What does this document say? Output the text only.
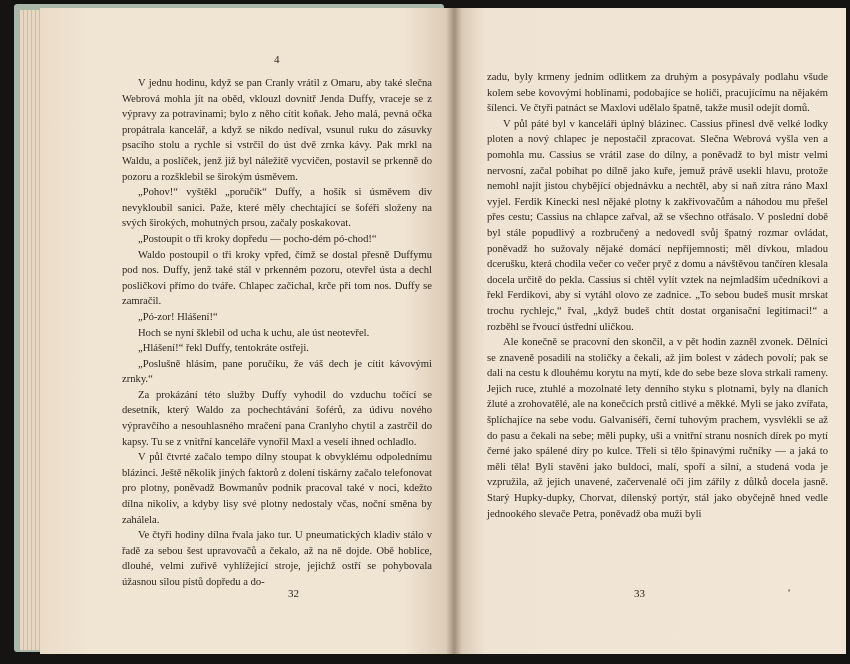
4

V jednu hodinu, když se pan Cranly vrátil z Omaru, aby také slečna Webrová mohla jít na oběd, vklouzl dovnitř Jenda Duffy, vraceje se z výpravy za potravinami; bylo z něho cítit koňak. Jeho malá, pevná očka propátrala kancelář, a když se nikdo nedíval, vsunul ruku do zásuvky psacího stolu a rychle si vstrčil do úst dvě zrnka kávy. Pak mrkl na Waldu, a poslíček, jenž již byl náležitě vycvičen, postavil se prkenně do pozoru a rozšklebil se širokým úsměvem.

„Pohov!“ vyštěkl „poručík“ Duffy, a hošík si úsměvem div nevykloubil sanici. Paže, které měly chechtající se šoféři složeny na svých širokých, mohutných prsou, začaly poskakovat.

„Postoupit o tři kroky dopředu — pocho-dém pó-chod!“

Waldo postoupil o tři kroky vpřed, čímž se dostal přesně Duffymu pod nos. Duffy, jenž také stál v prkenném pozoru, otevřel ústa a dechl posličkovi přímo do tváře. Chlapec začichal, krče při tom nos. Duffy se zamračil.

„Pó-zor! Hlášení!“

Hoch se nyní šklebil od ucha k uchu, ale úst neotevřel.

„Hlášení!“ řekl Duffy, tentokráte ostřeji.

„Poslušně hlásím, pane poručíku, že váš dech je cítit kávovými zrnky.“

Za prokázání této služby Duffy vyhodil do vzduchu točící se desetník, který Waldo za pochechtávání šoférů, za údivu nového výpravčího a nesouhlasného mračení pana Cranlyho chytil a zastrčil do kapsy. Tu se z vnitřní kanceláře vynořil Maxl a veselí ihned ochladlo.

V půl čtvrté začalo tempo dílny stoupat k obvyklému odpolednímu blázinci. Ještě několik jiných faktorů z dolení tiskárny začalo telefonovat pro plotny, poněvadž Bowmanův podnik pracoval také v noci, kdežto dílna nikoliv, a kdyby lisy své plotny nedostaly včas, noční směna by zahálela.

Ve čtyři hodiny dílna řvala jako tur. U pneumatických kladiv stálo v řadě za sebou šest upravovačů a čekalo, až na ně dojde. Obě hoblice, dlouhé, velmi zuřivě vyhlížející stroje, jejichž ostří se pohybovala úžasnou silou pístů dopředu a do-

32

zadu, byly krmeny jedním odlitkem za druhým a posypávaly podlahu všude kolem sebe kovovými hoblinami, podobajíce se holiči, pracujícímu na nějakém šílenci. Ve čtyři patnáct se Maxlovi udělalo špatně, takže musil odejít domů.

V půl páté byl v kanceláři úplný blázinec. Cassius přinesl dvě velké lodky ploten a nový chlapec je nepostačil zpracovat. Slečna Webrová vyšla ven a pomohla mu. Cassius se vrátil zase do dílny, a poněvadž to byl mistr velmi nervosní, začal pobíhat po dílně jako kuře, jemuž právě usekli hlavu, protože nemohl najít jistou chybějící objednávku a nechtěl, aby si naň zítra ráno Maxl vyjel. Ferdik Kinecki nesl nějaké plotny k zakřivovačům a náhodou mu přešel přes cestu; Cassius na chlapce zařval, až se všechno otřásalo. V poslední době byl stále popudlivý a rozbručený a nedovedl svůj špatný rozmar ovládat, poněvadž ho sužovaly nějaké domácí nepříjemnosti; měl dívkou, mladou dcerušku, která chodila večer co večer pryč z domu a návštěvou tančíren klesala docela určitě do pekla. Cassius si chtěl vylít vztek na nejmladším učedníkovi a řekl Ferdikovi, aby si vytáhl olovo ze zadnice. „To sebou budeš musit mrskat trochu rychlejc,“ řval, „když budeš chtít dostat organisační legitimaci!“ a rozběhl se řvoucí ústřední uličkou.

Ale konečně se pracovní den skončil, a v pět hodin zazněl zvonek. Dělníci se znaveně posadili na stoličky a čekali, až jim bolest v zádech povolí; pak se dali na cestu k dlouhému korytu na mytí, kde do sebe beze slova strkali rameny. Jejich ruce, ztuhlé a mozolnaté lety denního styku s plotnami, byly na dlaních žluté a zrohovatělé, ale na konečcích prstů citlivé a měkké. Myli se jako zvířata, šplíchajíce na sebe vodu. Galvaniséři, černí tuhovým prachem, vysvlékli se až do pasu a čekali na sebe; měli pupky, uši a vnitřní stranu nosních dírek po mytí černé jako spálené díry po kulce. Třeli si tělo špinavými ručníky — a jaká to měli těla! Byli stavěni jako buldoci, malí, spoří a silní, a studená voda je vzpružila, až jejich unavené, začervenalé oči jim zářily z důlků docela jasně. Starý Hupky-dupky, Chorvat, dílenský portýr, stál jako obyčejně hned vedle jednookého slevače Petra, poněvadž oba muži byli

33	ª
